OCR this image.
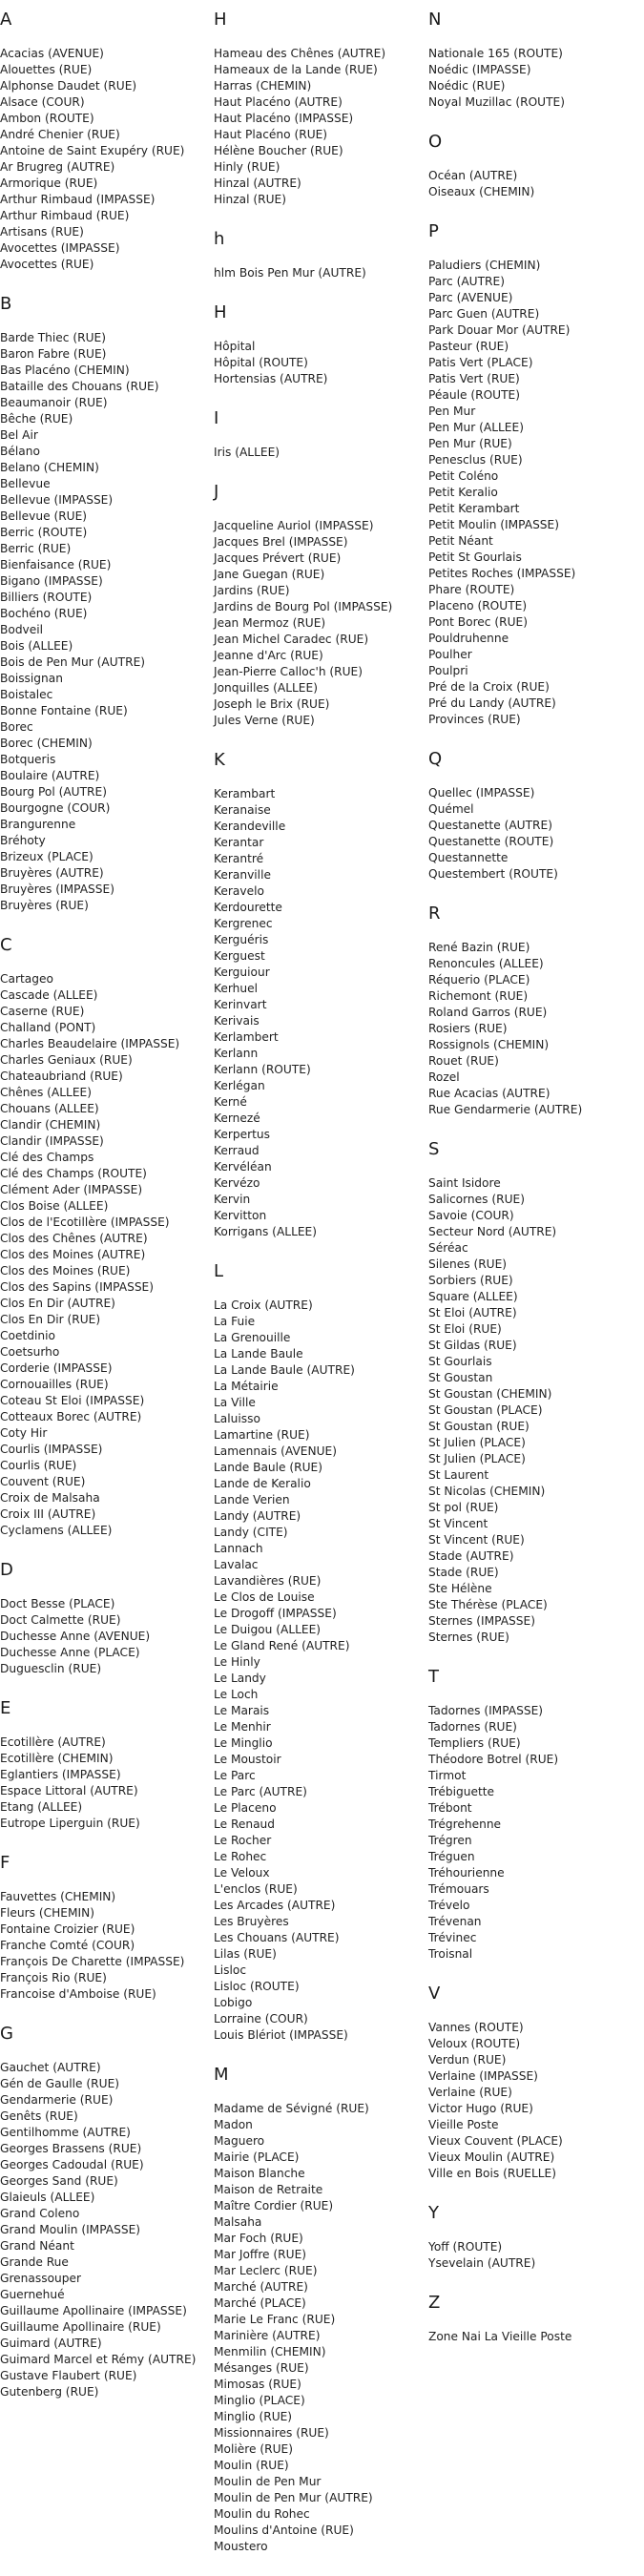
A
Acacias (AVENUE)
Alouettes (RUE)
Alphonse Daudet (RUE)
Alsace (COUR)
Ambon (ROUTE)
André Chenier (RUE)
Antoine de Saint Exupéry (RUE)
Ar Brugreg (AUTRE)
Armorique (RUE)
Arthur Rimbaud (IMPASSE)
Arthur Rimbaud (RUE)
Artisans (RUE)
Avocettes (IMPASSE)
Avocettes (RUE)
B
Barde Thiec (RUE)
Baron Fabre (RUE)
Bas Placéno (CHEMIN)
Bataille des Chouans (RUE)
Beaumanoir (RUE)
Bêche (RUE)
Bel Air
Bélano
Belano (CHEMIN)
Bellevue
Bellevue (IMPASSE)
Bellevue (RUE)
Berric (ROUTE)
Berric (RUE)
Bienfaisance (RUE)
Bigano (IMPASSE)
Billiers (ROUTE)
Bochéno (RUE)
Bodveil
Bois (ALLEE)
Bois de Pen Mur (AUTRE)
Boissignan
Boistalec
Bonne Fontaine (RUE)
Borec
Borec (CHEMIN)
Botqueris
Boulaire (AUTRE)
Bourg Pol (AUTRE)
Bourgogne (COUR)
Brangurenne
Bréhoty
Brizeux (PLACE)
Bruyères (AUTRE)
Bruyères (IMPASSE)
Bruyères (RUE)
C
Cartageo
Cascade (ALLEE)
Caserne (RUE)
Challand (PONT)
Charles Beaudelaire (IMPASSE)
Charles Geniaux (RUE)
Chateaubriand (RUE)
Chênes (ALLEE)
Chouans (ALLEE)
Clandir (CHEMIN)
Clandir (IMPASSE)
Clé des Champs
Clé des Champs (ROUTE)
Clément Ader (IMPASSE)
Clos Boise (ALLEE)
Clos de l'Ecotillère (IMPASSE)
Clos des Chênes (AUTRE)
Clos des Moines (AUTRE)
Clos des Moines (RUE)
Clos des Sapins (IMPASSE)
Clos En Dir (AUTRE)
Clos En Dir (RUE)
Coetdinio
Coetsurho
Corderie (IMPASSE)
Cornouailles (RUE)
Coteau St Eloi (IMPASSE)
Cotteaux Borec (AUTRE)
Coty Hir
Courlis (IMPASSE)
Courlis (RUE)
Couvent (RUE)
Croix de Malsaha
Croix III (AUTRE)
Cyclamens (ALLEE)
D
Doct Besse (PLACE)
Doct Calmette (RUE)
Duchesse Anne (AVENUE)
Duchesse Anne (PLACE)
Duguesclin (RUE)
E
Ecotillère (AUTRE)
Ecotillère (CHEMIN)
Eglantiers (IMPASSE)
Espace Littoral (AUTRE)
Etang (ALLEE)
Eutrope Liperguin (RUE)
F
Fauvettes (CHEMIN)
Fleurs (CHEMIN)
Fontaine Croizier (RUE)
Franche Comté (COUR)
François De Charette (IMPASSE)
François Rio (RUE)
Francoise d'Amboise (RUE)
G
Gauchet (AUTRE)
Gén de Gaulle (RUE)
Gendarmerie (RUE)
Genêts (RUE)
Gentilhomme (AUTRE)
Georges Brassens (RUE)
Georges Cadoudal (RUE)
Georges Sand (RUE)
Glaieuls (ALLEE)
Grand Coleno
Grand Moulin (IMPASSE)
Grand Néant
Grande Rue
Grenassouper
Guernehué
Guillaume Apollinaire (IMPASSE)
Guillaume Apollinaire (RUE)
Guimard (AUTRE)
Guimard Marcel et Rémy (AUTRE)
Gustave Flaubert (RUE)
Gutenberg (RUE)
H
Hameau des Chênes (AUTRE)
Hameaux de la Lande (RUE)
Harras (CHEMIN)
Haut Placéno (AUTRE)
Haut Placéno (IMPASSE)
Haut Placéno (RUE)
Hélène Boucher (RUE)
Hinly (RUE)
Hinzal (AUTRE)
Hinzal (RUE)
h
hlm Bois Pen Mur (AUTRE)
H
Hôpital
Hôpital (ROUTE)
Hortensias (AUTRE)
I
Iris (ALLEE)
J
Jacqueline Auriol (IMPASSE)
Jacques Brel (IMPASSE)
Jacques Prévert (RUE)
Jane Guegan (RUE)
Jardins (RUE)
Jardins de Bourg Pol (IMPASSE)
Jean Mermoz (RUE)
Jean Michel Caradec (RUE)
Jeanne d'Arc (RUE)
Jean-Pierre Calloc'h (RUE)
Jonquilles (ALLEE)
Joseph le Brix (RUE)
Jules Verne (RUE)
K
Kerambart
Keranaise
Kerandeville
Kerantar
Kerantré
Keranville
Keravelo
Kerdourette
Kergrenec
Kerguéris
Kerguest
Kerguiour
Kerhuel
Kerinvart
Kerivais
Kerlambert
Kerlann
Kerlann (ROUTE)
Kerlégan
Kerné
Kernezé
Kerpertus
Kerraud
Kervéléan
Kervézo
Kervin
Kervitton
Korrigans (ALLEE)
L
La Croix (AUTRE)
La Fuie
La Grenouille
La Lande Baule
La Lande Baule (AUTRE)
La Métairie
La Ville
Laluisso
Lamartine (RUE)
Lamennais (AVENUE)
Lande Baule (RUE)
Lande de Keralio
Lande Verien
Landy (AUTRE)
Landy (CITE)
Lannach
Lavalac
Lavandières (RUE)
Le Clos de Louise
Le Drogoff (IMPASSE)
Le Duigou (ALLEE)
Le Gland René (AUTRE)
Le Hinly
Le Landy
Le Loch
Le Marais
Le Menhir
Le Minglio
Le Moustoir
Le Parc
Le Parc (AUTRE)
Le Placeno
Le Renaud
Le Rocher
Le Rohec
Le Veloux
L'enclos (RUE)
Les Arcades (AUTRE)
Les Bruyères
Les Chouans (AUTRE)
Lilas (RUE)
Lisloc
Lisloc (ROUTE)
Lobigo
Lorraine (COUR)
Louis Blériot (IMPASSE)
M
Madame de Sévigné (RUE)
Madon
Maguero
Mairie (PLACE)
Maison Blanche
Maison de Retraite
Maître Cordier (RUE)
Malsaha
Mar Foch (RUE)
Mar Joffre (RUE)
Mar Leclerc (RUE)
Marché (AUTRE)
Marché (PLACE)
Marie Le Franc (RUE)
Marinière (AUTRE)
Menmilin (CHEMIN)
Mésanges (RUE)
Mimosas (RUE)
Minglio (PLACE)
Minglio (RUE)
Missionnaires (RUE)
Molière (RUE)
Moulin (RUE)
Moulin de Pen Mur
Moulin de Pen Mur (AUTRE)
Moulin du Rohec
Moulins d'Antoine (RUE)
Moustero
N
Nationale 165 (ROUTE)
Noédic (IMPASSE)
Noédic (RUE)
Noyal Muzillac (ROUTE)
O
Océan (AUTRE)
Oiseaux (CHEMIN)
P
Paludiers (CHEMIN)
Parc (AUTRE)
Parc (AVENUE)
Parc Guen (AUTRE)
Park Douar Mor (AUTRE)
Pasteur (RUE)
Patis Vert (PLACE)
Patis Vert (RUE)
Péaule (ROUTE)
Pen Mur
Pen Mur (ALLEE)
Pen Mur (RUE)
Penesclus (RUE)
Petit Coléno
Petit Keralio
Petit Kerambart
Petit Moulin (IMPASSE)
Petit Néant
Petit St Gourlais
Petites Roches (IMPASSE)
Phare (ROUTE)
Placeno (ROUTE)
Pont Borec (RUE)
Pouldruhenne
Poulher
Poulpri
Pré de la Croix (RUE)
Pré du Landy (AUTRE)
Provinces (RUE)
Q
Quellec (IMPASSE)
Quémel
Questanette (AUTRE)
Questanette (ROUTE)
Questannette
Questembert (ROUTE)
R
René Bazin (RUE)
Renoncules (ALLEE)
Réquerio (PLACE)
Richemont (RUE)
Roland Garros (RUE)
Rosiers (RUE)
Rossignols (CHEMIN)
Rouet (RUE)
Rozel
Rue Acacias (AUTRE)
Rue Gendarmerie (AUTRE)
S
Saint Isidore
Salicornes (RUE)
Savoie (COUR)
Secteur Nord (AUTRE)
Séréac
Silenes (RUE)
Sorbiers (RUE)
Square (ALLEE)
St Eloi (AUTRE)
St Eloi (RUE)
St Gildas (RUE)
St Gourlais
St Goustan
St Goustan (CHEMIN)
St Goustan (PLACE)
St Goustan (RUE)
St Julien (PLACE)
St Julien (PLACE)
St Laurent
St Nicolas (CHEMIN)
St pol (RUE)
St Vincent
St Vincent (RUE)
Stade (AUTRE)
Stade (RUE)
Ste Hélène
Ste Thérèse (PLACE)
Sternes (IMPASSE)
Sternes (RUE)
T
Tadornes (IMPASSE)
Tadornes (RUE)
Templiers (RUE)
Théodore Botrel (RUE)
Tirmot
Trébiguette
Trébont
Trégrehenne
Trégren
Tréguen
Tréhourienne
Trémouars
Trévelo
Trévenan
Trévinec
Troisnal
V
Vannes (ROUTE)
Veloux (ROUTE)
Verdun (RUE)
Verlaine (IMPASSE)
Verlaine (RUE)
Victor Hugo (RUE)
Vieille Poste
Vieux Couvent (PLACE)
Vieux Moulin (AUTRE)
Ville en Bois (RUELLE)
Y
Yoff (ROUTE)
Ysevelain (AUTRE)
Z
Zone Nai La Vieille Poste
